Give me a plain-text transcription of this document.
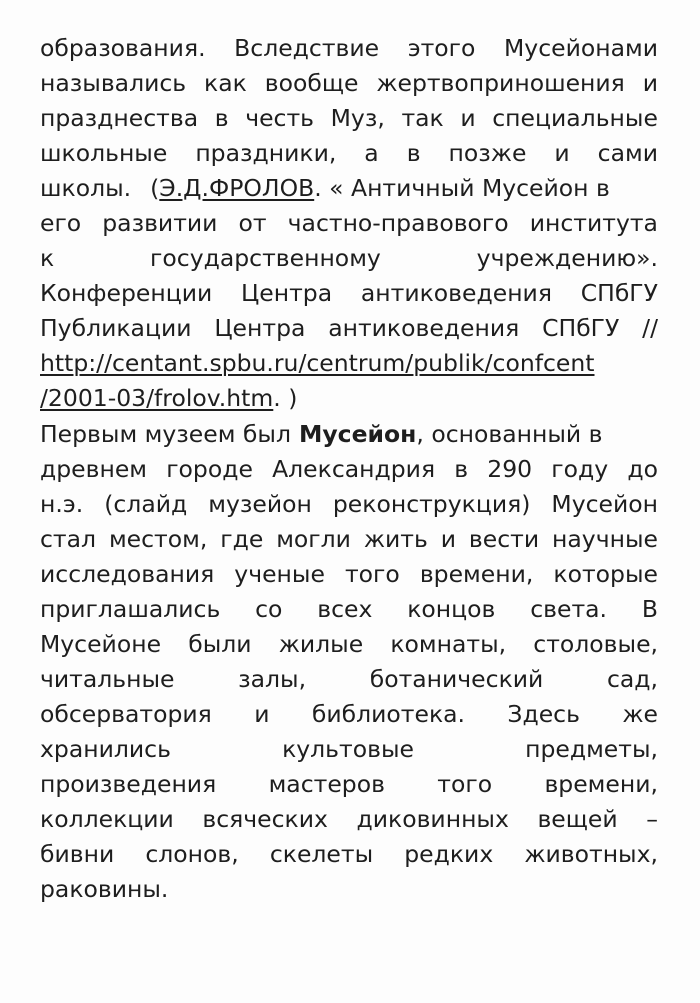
образования. Вследствие этого Мусейонами
назывались как вообще жертвоприношения и
празднества в честь Муз, так и специальные
школьные праздники, а в позже и сами
школы. ( Э.Д.ФРОЛОВ . « Античный Мусейон в
его развитии от частно-правового института
к	государственному	учреждению».
Конференции Центра антиковедения СПбГУ
Публикации Центра антиковедения СПбГУ //
http://centant.spbu.ru/centrum/publik/confcent
/2001-03/frolov.htm . )
Первым музеем был Мусейон , основанный в
древнем городе Александрия в 290 году до
н.э. (слайд музейон реконструкция) Мусейон
стал местом, где могли жить и вести научные
исследования ученые того времени, которые
приглашались со всех концов света. В
Мусейоне были жилые комнаты, столовые,
читальные	залы,	ботанический	сад,
обсерватория и библиотека. Здесь же
хранились	культовые	предметы,
произведения мастеров того времени,
коллекции всяческих диковинных вещей –
бивни слонов, скелеты редких животных,
раковины.
